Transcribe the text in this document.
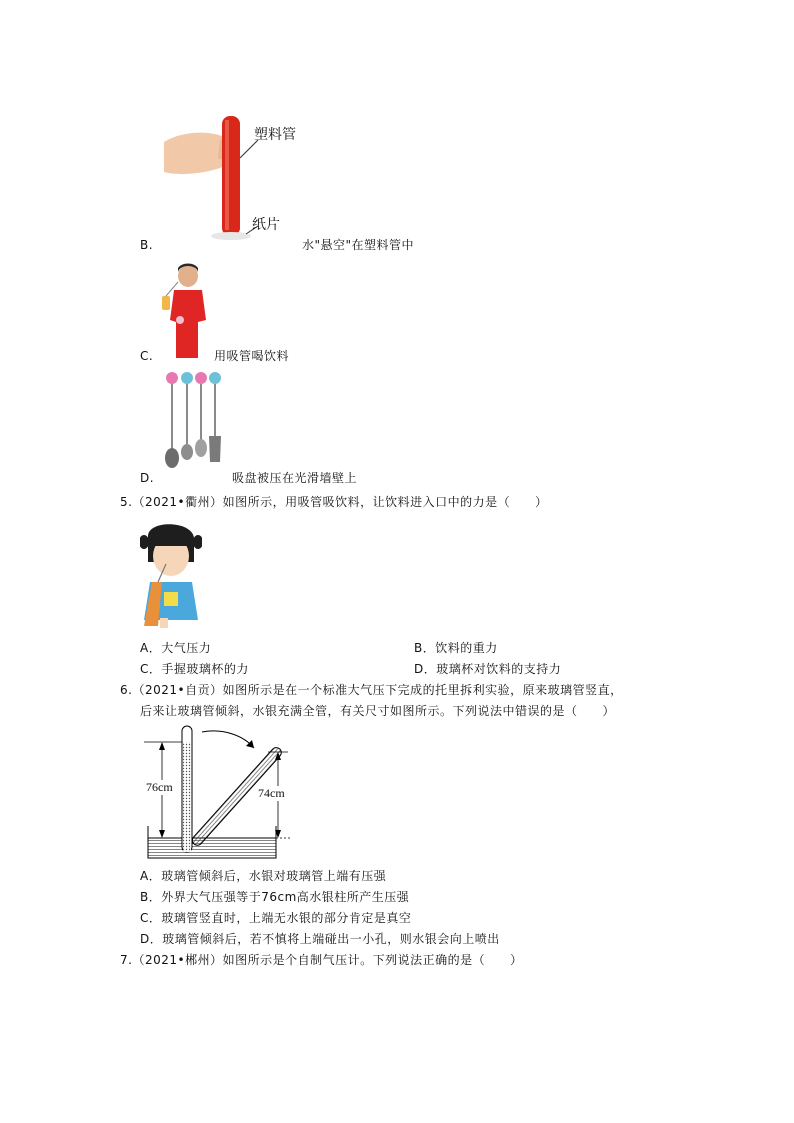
塑料管
纸片
B.	水"悬空"在塑料管中
C.	用吸管喝饮料
D.	吸盘被压在光滑墙壁上
5.（2021•衢州）如图所示，用吸管吸饮料，让饮料进入口中的力是（　　）
A．大气压力	B．饮料的重力
C．手握玻璃杯的力	D．玻璃杯对饮料的支持力
6.（2021•自贡）如图所示是在一个标准大气压下完成的托里拆利实验，原来玻璃管竖直，
后来让玻璃管倾斜，水银充满全管，有关尺寸如图所示。下列说法中错误的是（　　）
76cm	74cm
A．玻璃管倾斜后，水银对玻璃管上端有压强
B．外界大气压强等于76cm高水银柱所产生压强
C．玻璃管竖直时，上端无水银的部分肯定是真空
D．玻璃管倾斜后，若不慎将上端碰出一小孔，则水银会向上喷出
7.（2021•郴州）如图所示是个自制气压计。下列说法正确的是（　　）
